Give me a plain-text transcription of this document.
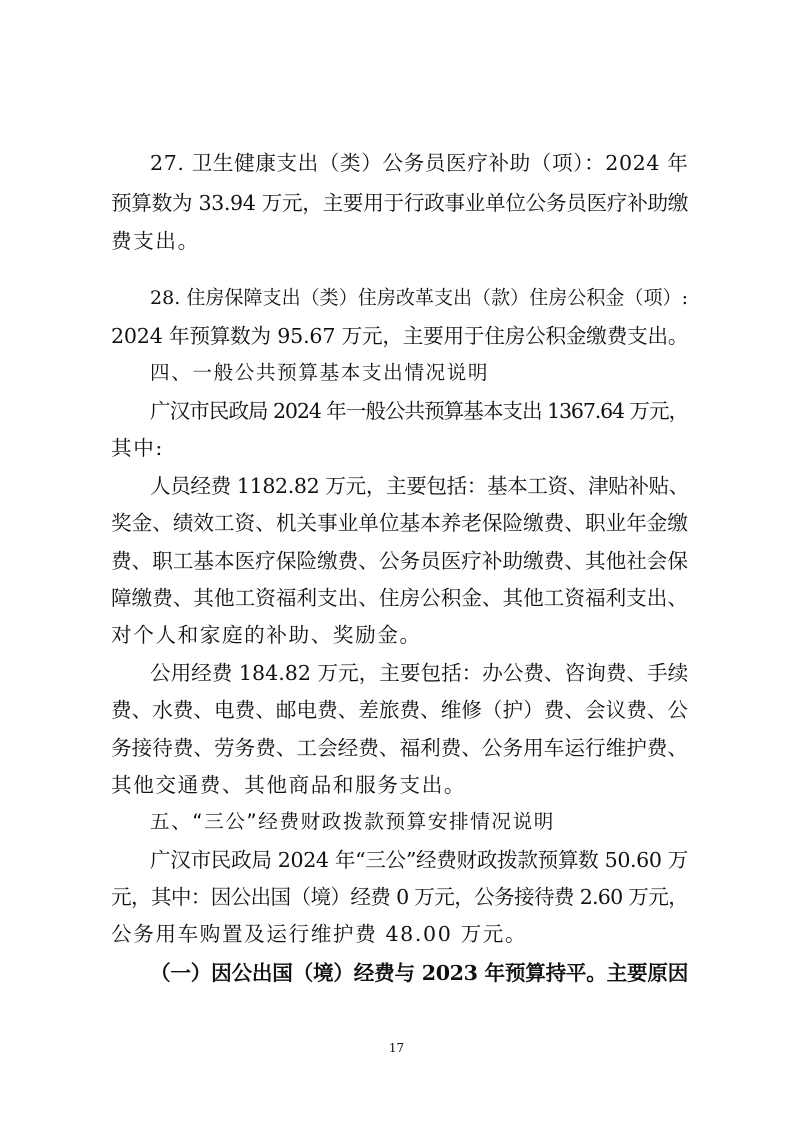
27. 卫生健康支出（类）公务员医疗补助（项）：2024 年
预算数为 33.94 万元，主要用于行政事业单位公务员医疗补助缴
费支出。
28. 住房保障支出（类）住房改革支出（款）住房公积金（项）:
2024 年预算数为 95.67 万元，主要用于住房公积金缴费支出。
四、一般公共预算基本支出情况说明
广汉市民政局 2024 年一般公共预算基本支出 1367.64 万元，
其中:
人员经费 1182.82 万元，主要包括：基本工资、津贴补贴、
奖金、绩效工资、机关事业单位基本养老保险缴费、职业年金缴
费、职工基本医疗保险缴费、公务员医疗补助缴费、其他社会保
障缴费、其他工资福利支出、住房公积金、其他工资福利支出、
对个人和家庭的补助、奖励金。
公用经费 184.82 万元，主要包括：办公费、咨询费、手续
费、水费、电费、邮电费、差旅费、维修（护）费、会议费、公
务接待费、劳务费、工会经费、福利费、公务用车运行维护费、
其他交通费、其他商品和服务支出。
五、“三公”经费财政拨款预算安排情况说明
广汉市民政局 2024 年“三公”经费财政拨款预算数 50.60 万
元，其中：因公出国（境）经费 0 万元，公务接待费 2.60 万元，
公务用车购置及运行维护费 48.00 万元。
（一）因公出国（境）经费与 2023 年预算持平。主要原因
17
